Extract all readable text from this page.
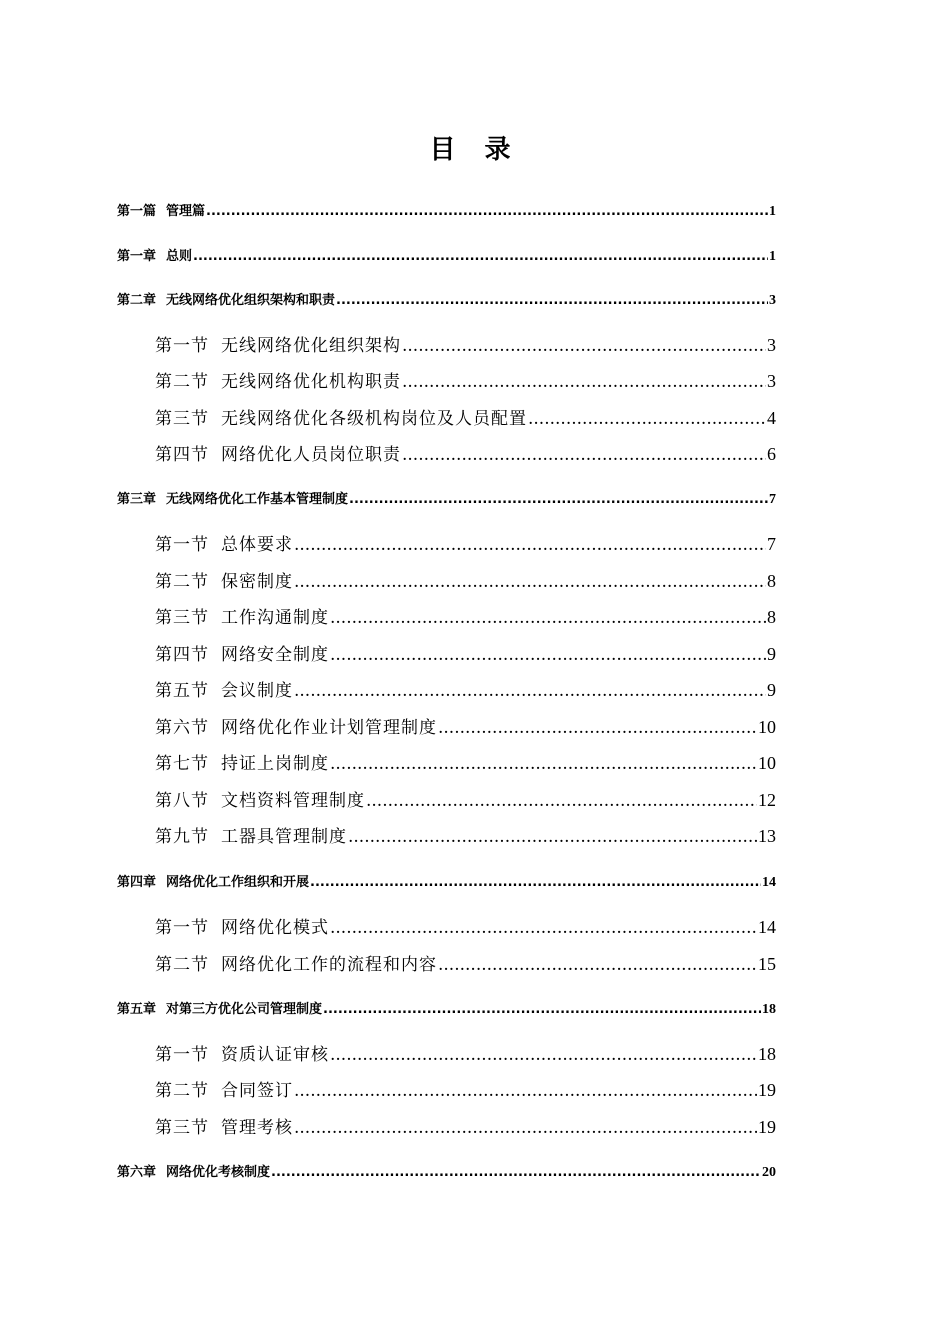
目 录
第一篇 管理篇 .....	1
第一章 总则 .....	1
第二章 无线网络优化组织架构和职责 .....	3
第一节 无线网络优化组织架构 .....	3
第二节 无线网络优化机构职责 .....	3
第三节 无线网络优化各级机构岗位及人员配置 .....	4
第四节 网络优化人员岗位职责 .....	6
第三章 无线网络优化工作基本管理制度 .....	7
第一节 总体要求 .....	7
第二节 保密制度 .....	8
第三节 工作沟通制度 .....	8
第四节 网络安全制度 .....	9
第五节 会议制度 .....	9
第六节 网络优化作业计划管理制度 .....	10
第七节 持证上岗制度 .....	10
第八节 文档资料管理制度 .....	12
第九节 工器具管理制度 .....	13
第四章 网络优化工作组织和开展 .....	14
第一节 网络优化模式 .....	14
第二节 网络优化工作的流程和内容 .....	15
第五章 对第三方优化公司管理制度 .....	18
第一节 资质认证审核 .....	18
第二节 合同签订 .....	19
第三节 管理考核 .....	19
第六章 网络优化考核制度 .....	20
